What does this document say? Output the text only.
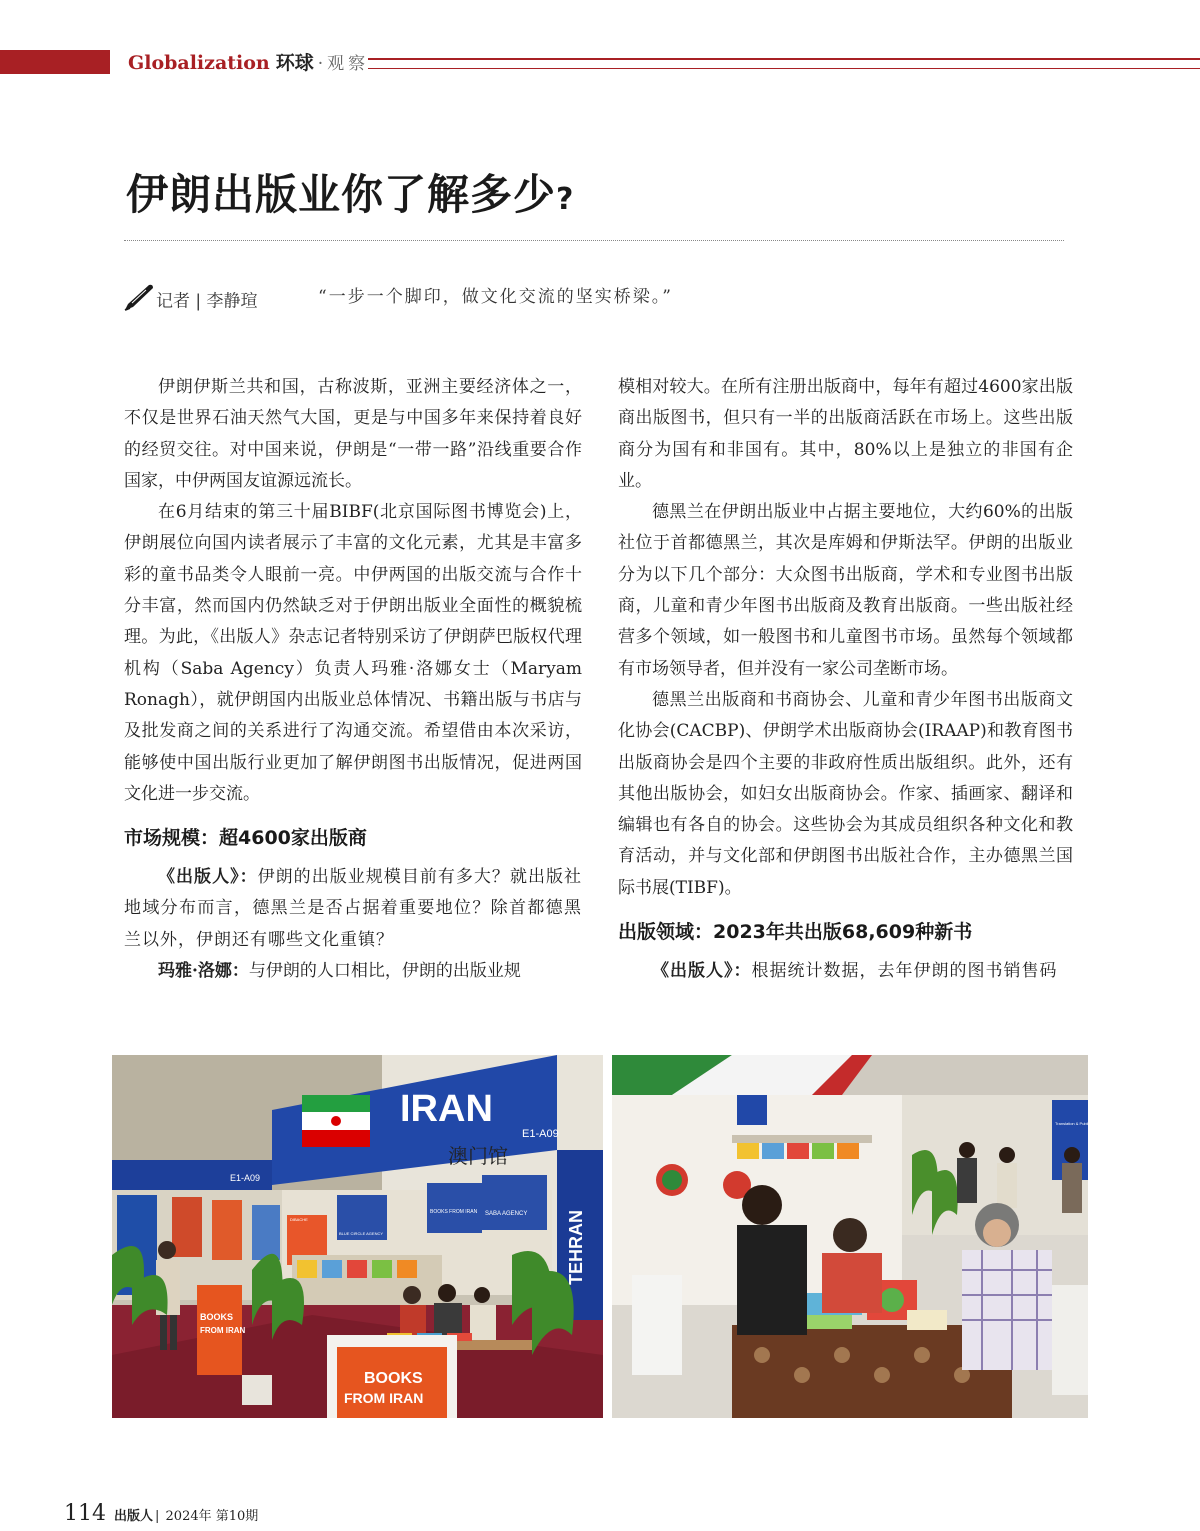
Globalization 环球 ·观察
伊朗出版业你了解多少?
记者 | 李静瑄	“一步一个脚印，做文化交流的坚实桥梁。”

伊朗伊斯兰共和国，古称波斯，亚洲主要经济体之一，不仅是世界石油天然气大国，更是与中国多年来保持着良好的经贸交往。对中国来说，伊朗是“一带一路”沿线重要合作国家，中伊两国友谊源远流长。

在6月结束的第三十届BIBF(北京国际图书博览会)上，伊朗展位向国内读者展示了丰富的文化元素，尤其是丰富多彩的童书品类令人眼前一亮。中伊两国的出版交流与合作十分丰富，然而国内仍然缺乏对于伊朗出版业全面性的概貌梳理。为此，《出版人》杂志记者特别采访了伊朗萨巴版权代理机构（Saba Agency）负责人玛雅·洛娜女士（Maryam Ronagh），就伊朗国内出版业总体情况、书籍出版与书店与及批发商之间的关系进行了沟通交流。希望借由本次采访，能够使中国出版行业更加了解伊朗图书出版情况，促进两国文化进一步交流。

市场规模：超4600家出版商

《出版人》：伊朗的出版业规模目前有多大？就出版社地域分布而言，德黑兰是否占据着重要地位？除首都德黑兰以外，伊朗还有哪些文化重镇？

玛雅·洛娜：与伊朗的人口相比，伊朗的出版业规

模相对较大。在所有注册出版商中，每年有超过4600家出版商出版图书，但只有一半的出版商活跃在市场上。这些出版商分为国有和非国有。其中，80%以上是独立的非国有企业。

德黑兰在伊朗出版业中占据主要地位，大约60%的出版社位于首都德黑兰，其次是库姆和伊斯法罕。伊朗的出版业分为以下几个部分：大众图书出版商，学术和专业图书出版商，儿童和青少年图书出版商及教育出版商。一些出版社经营多个领域，如一般图书和儿童图书市场。虽然每个领域都有市场领导者，但并没有一家公司垄断市场。

德黑兰出版商和书商协会、儿童和青少年图书出版商文化协会(CACBP)、伊朗学术出版商协会(IRAAP)和教育图书出版商协会是四个主要的非政府性质出版组织。此外，还有其他出版协会，如妇女出版商协会。作家、插画家、翻译和编辑也有各自的协会。这些协会为其成员组织各种文化和教育活动，并与文化部和伊朗图书出版社合作，主办德黑兰国际书展(TIBF)。

出版领域：2023年共出版68,609种新书

《出版人》：根据统计数据，去年伊朗的图书销售码

E1-A09
IRAN
E1-A09
澳门馆
BLUE CIRCLE AGENCY
BOOKS FROM IRAN SABA AGENCY
DIBACHE	TEHRAN
BOOKS
FROM IRAN
BOOKS
FROM IRAN
Translation & Publication
114 出版人 | 2024年 第10期
